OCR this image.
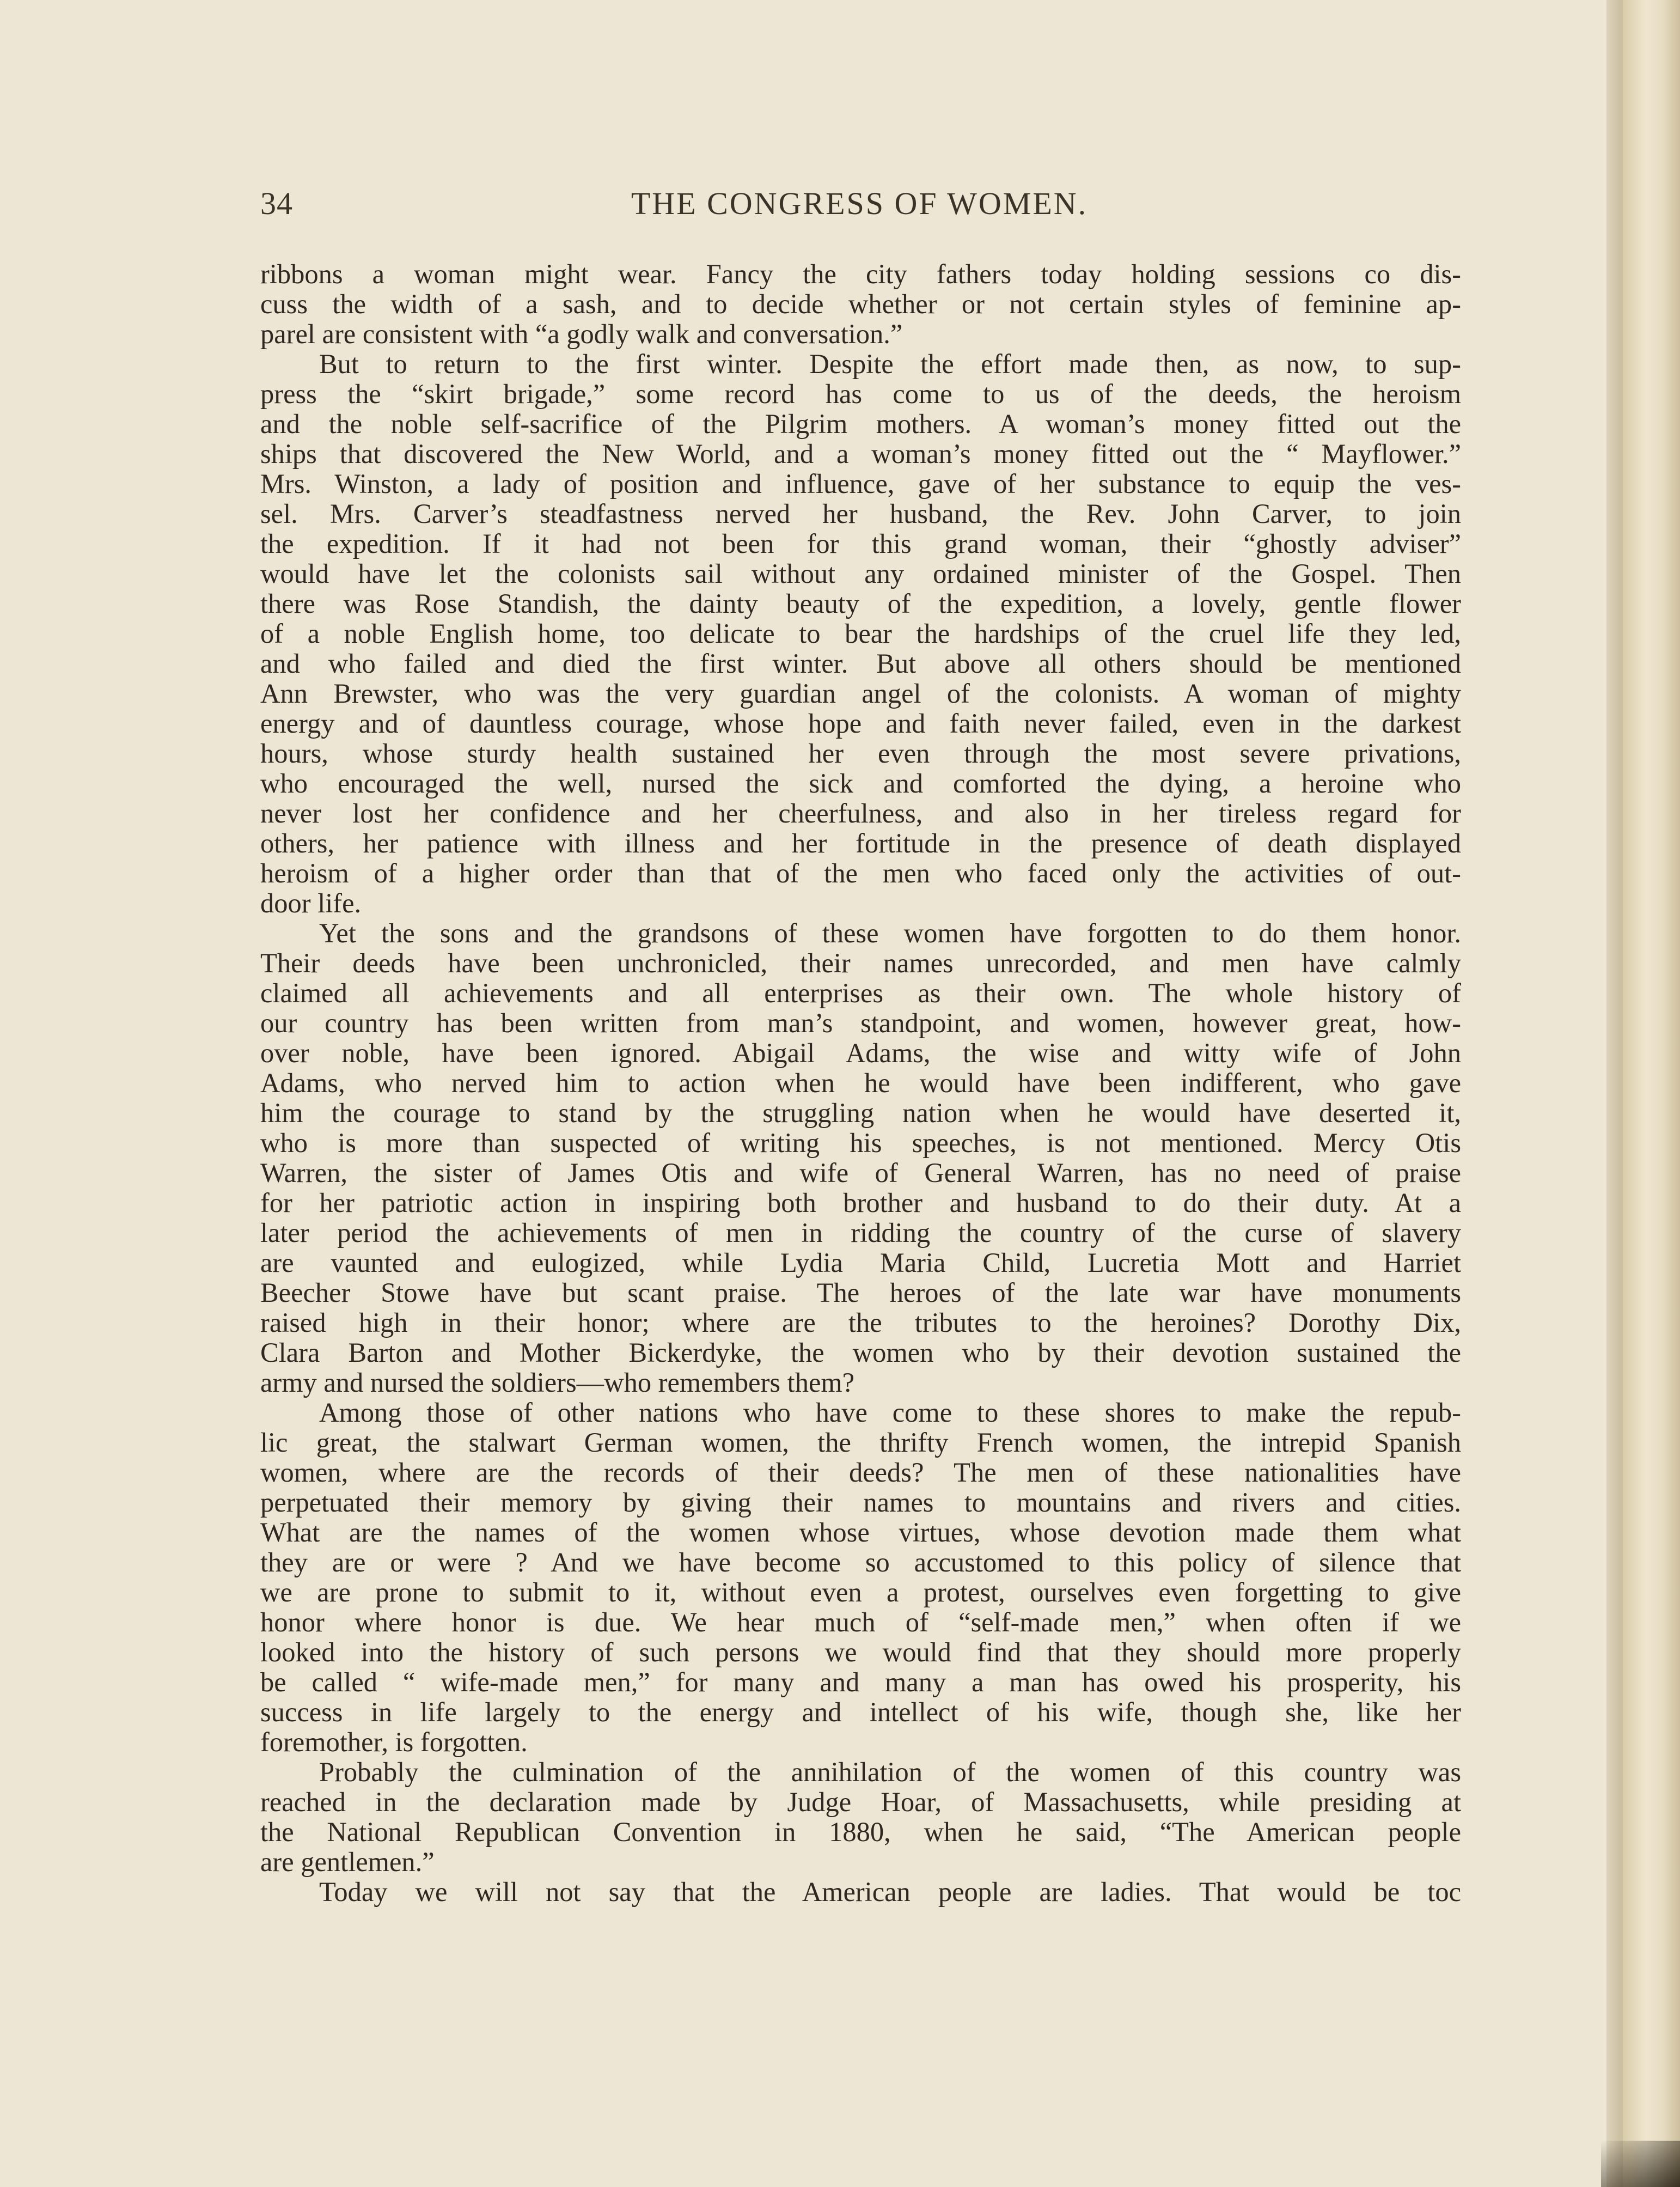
34	THE CONGRESS OF WOMEN.
ribbons a woman might wear. Fancy the city fathers today holding sessions co dis-
cuss the width of a sash, and to decide whether or not certain styles of feminine ap-
parel are consistent with “a godly walk and conversation.”
But to return to the first winter. Despite the effort made then, as now, to sup-
press the “skirt brigade,” some record has come to us of the deeds, the heroism
and the noble self-sacrifice of the Pilgrim mothers. A woman’s money fitted out the
ships that discovered the New World, and a woman’s money fitted out the “ Mayflower.”
Mrs. Winston, a lady of position and influence, gave of her substance to equip the ves-
sel. Mrs. Carver’s steadfastness nerved her husband, the Rev. John Carver, to join
the expedition. If it had not been for this grand woman, their “ghostly adviser”
would have let the colonists sail without any ordained minister of the Gospel. Then
there was Rose Standish, the dainty beauty of the expedition, a lovely, gentle flower
of a noble English home, too delicate to bear the hardships of the cruel life they led,
and who failed and died the first winter. But above all others should be mentioned
Ann Brewster, who was the very guardian angel of the colonists. A woman of mighty
energy and of dauntless courage, whose hope and faith never failed, even in the darkest
hours, whose sturdy health sustained her even through the most severe privations,
who encouraged the well, nursed the sick and comforted the dying, a heroine who
never lost her confidence and her cheerfulness, and also in her tireless regard for
others, her patience with illness and her fortitude in the presence of death displayed
heroism of a higher order than that of the men who faced only the activities of out-
door life.
Yet the sons and the grandsons of these women have forgotten to do them honor.
Their deeds have been unchronicled, their names unrecorded, and men have calmly
claimed all achievements and all enterprises as their own. The whole history of
our country has been written from man’s standpoint, and women, however great, how-
over noble, have been ignored. Abigail Adams, the wise and witty wife of John
Adams, who nerved him to action when he would have been indifferent, who gave
him the courage to stand by the struggling nation when he would have deserted it,
who is more than suspected of writing his speeches, is not mentioned. Mercy Otis
Warren, the sister of James Otis and wife of General Warren, has no need of praise
for her patriotic action in inspiring both brother and husband to do their duty. At a
later period the achievements of men in ridding the country of the curse of slavery
are vaunted and eulogized, while Lydia Maria Child, Lucretia Mott and Harriet
Beecher Stowe have but scant praise. The heroes of the late war have monuments
raised high in their honor; where are the tributes to the heroines? Dorothy Dix,
Clara Barton and Mother Bickerdyke, the women who by their devotion sustained the
army and nursed the soldiers—who remembers them?
Among those of other nations who have come to these shores to make the repub-
lic great, the stalwart German women, the thrifty French women, the intrepid Spanish
women, where are the records of their deeds? The men of these nationalities have
perpetuated their memory by giving their names to mountains and rivers and cities.
What are the names of the women whose virtues, whose devotion made them what
they are or were ? And we have become so accustomed to this policy of silence that
we are prone to submit to it, without even a protest, ourselves even forgetting to give
honor where honor is due. We hear much of “self-made men,” when often if we
looked into the history of such persons we would find that they should more properly
be called “ wife-made men,” for many and many a man has owed his prosperity, his
success in life largely to the energy and intellect of his wife, though she, like her
foremother, is forgotten.
Probably the culmination of the annihilation of the women of this country was
reached in the declaration made by Judge Hoar, of Massachusetts, while presiding at
the National Republican Convention in 1880, when he said, “The American people
are gentlemen.”
Today we will not say that the American people are ladies. That would be toc
